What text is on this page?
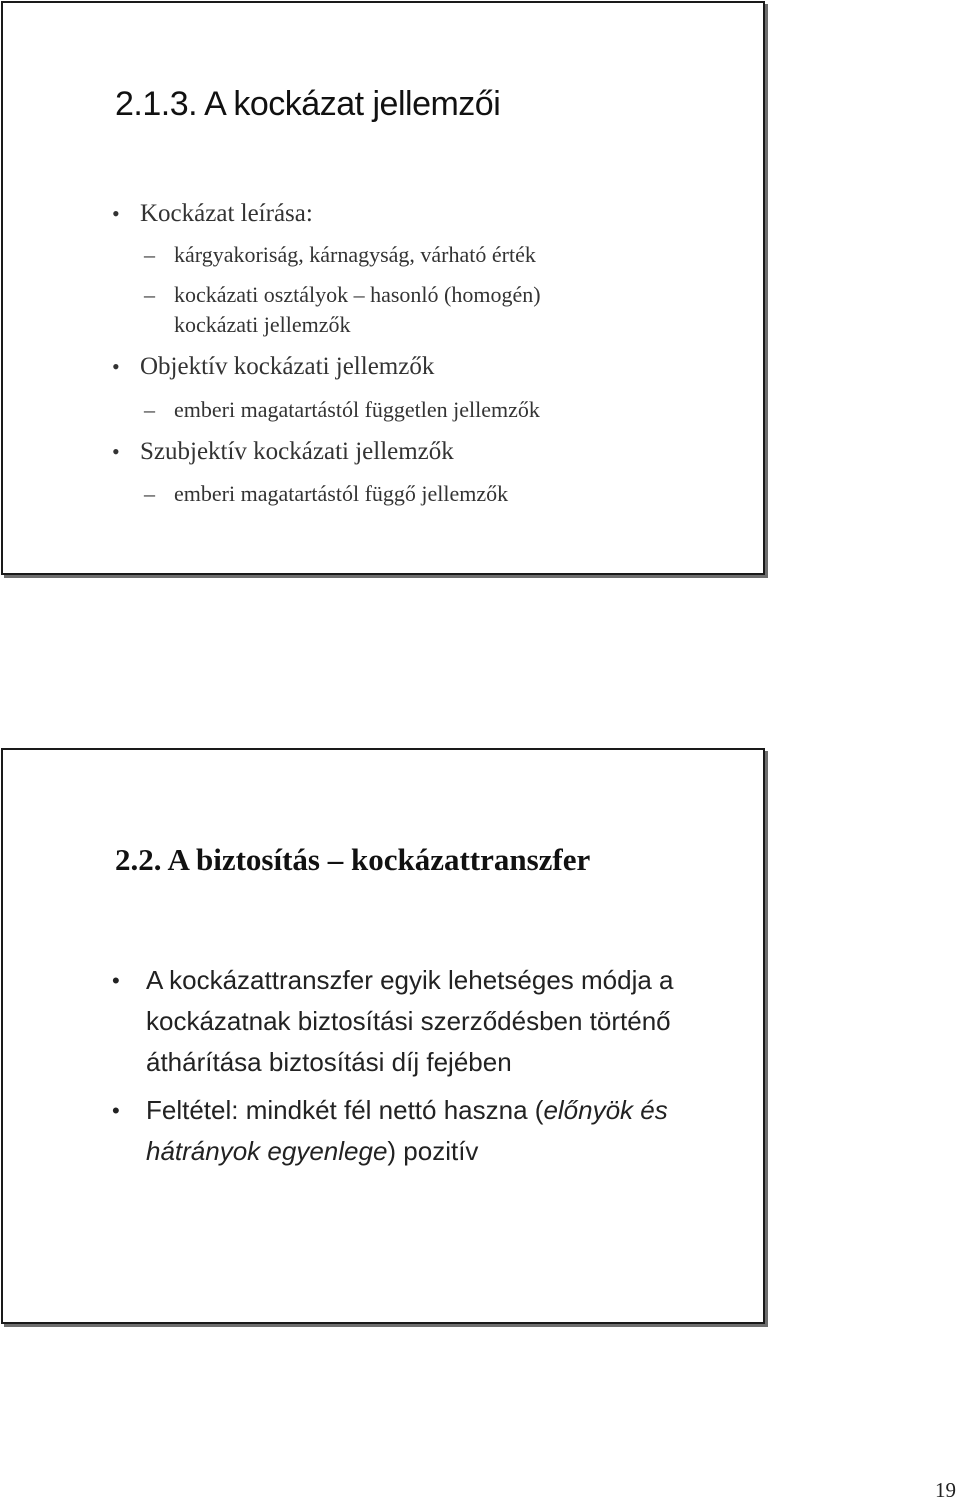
2.1.3. A kockázat jellemzői
• Kockázat leírása:
– kárgyakoriság, kárnagyság, várható érték
– kockázati osztályok – hasonló (homogén)
kockázati jellemzők
• Objektív kockázati jellemzők
– emberi magatartástól független jellemzők
• Szubjektív kockázati jellemzők
– emberi magatartástól függő jellemzők
2.2. A biztosítás – kockázattranszfer
• A kockázattranszfer egyik lehetséges módja a kockázatnak biztosítási szerződésben történő áthárítása biztosítási díj fejében
• Feltétel: mindkét fél nettó haszna (előnyök és hátrányok egyenlege) pozitív
19
